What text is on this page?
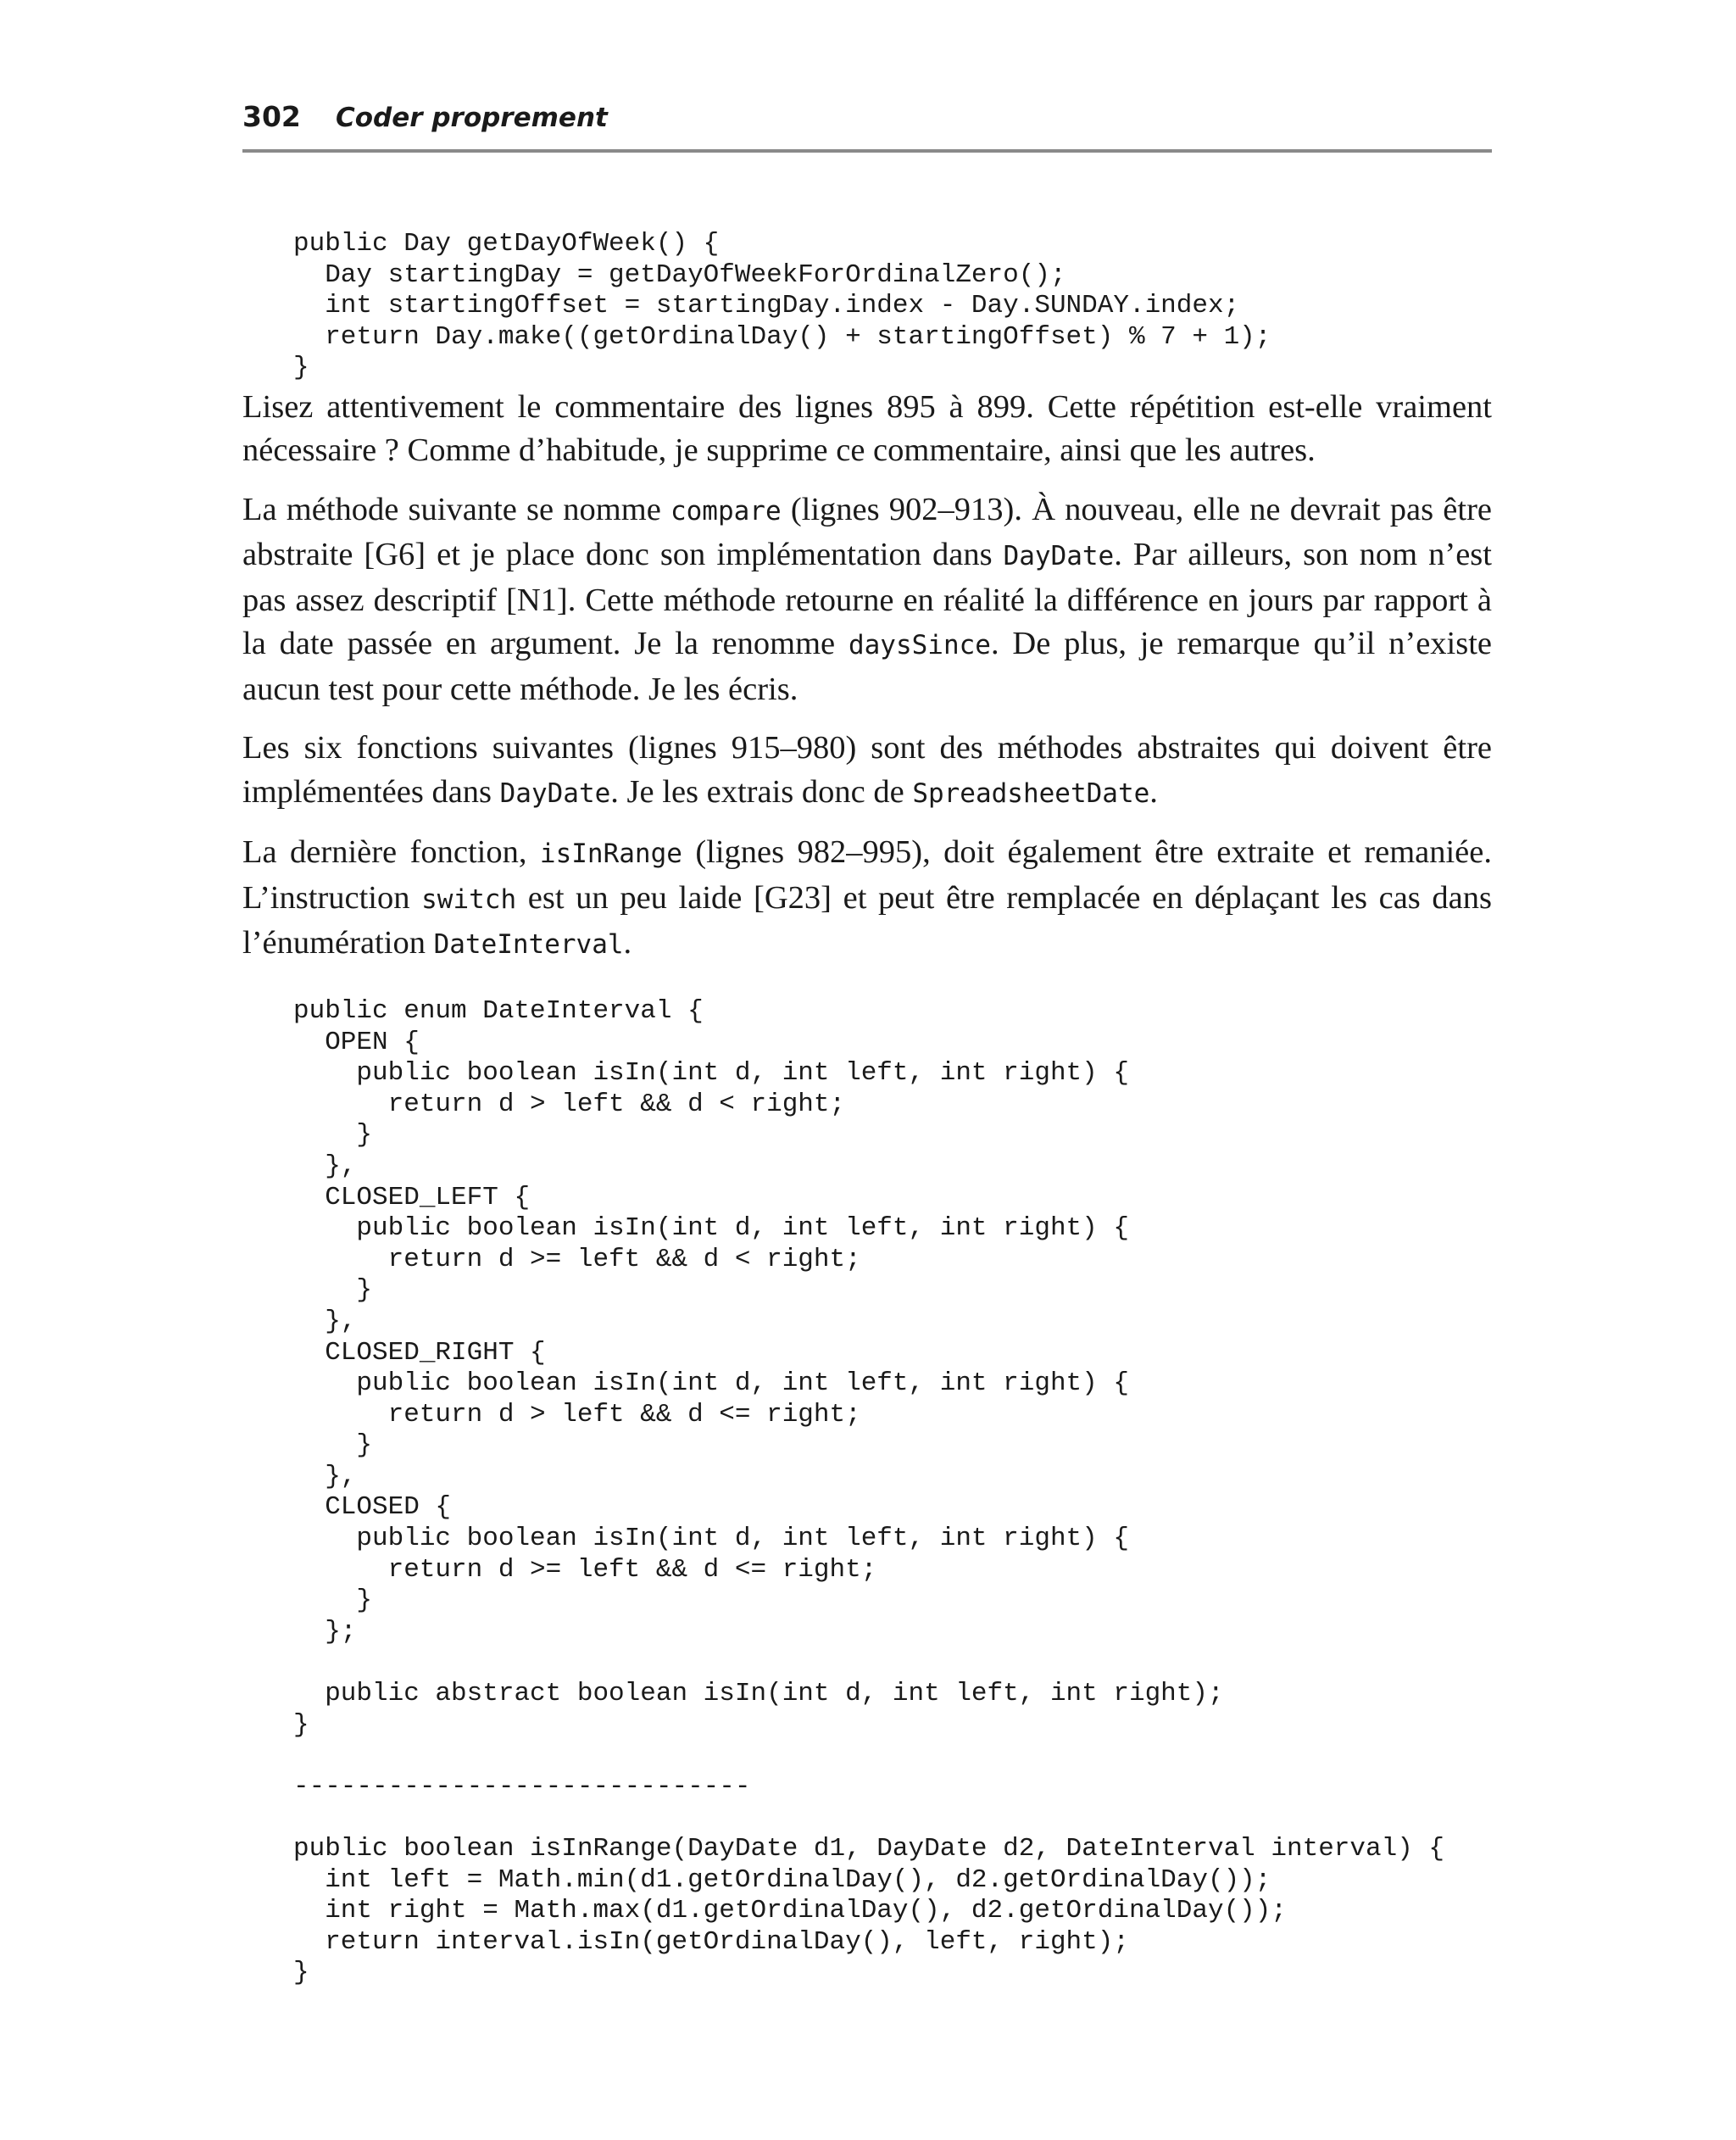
302 Coder proprement
public Day getDayOfWeek() {
Day startingDay = getDayOfWeekForOrdinalZero();
int startingOffset = startingDay.index - Day.SUNDAY.index;
return Day.make((getOrdinalDay() + startingOffset) % 7 + 1);
}

Lisez attentivement le commentaire des lignes 895 à 899. Cette répétition est-elle vraiment nécessaire ? Comme d’habitude, je supprime ce commentaire, ainsi que les autres.

La méthode suivante se nomme compare (lignes 902–913). À nouveau, elle ne devrait pas être abstraite [G6] et je place donc son implémentation dans DayDate. Par ailleurs, son nom n’est pas assez descriptif [N1]. Cette méthode retourne en réalité la différence en jours par rapport à la date passée en argument. Je la renomme daysSince. De plus, je remarque qu’il n’existe aucun test pour cette méthode. Je les écris.

Les six fonctions suivantes (lignes 915–980) sont des méthodes abstraites qui doivent être implémentées dans DayDate. Je les extrais donc de SpreadsheetDate.

La dernière fonction, isInRange (lignes 982–995), doit également être extraite et remaniée. L’instruction switch est un peu laide [G23] et peut être remplacée en déplaçant les cas dans l’énumération DateInterval.

public enum DateInterval {
OPEN {
public boolean isIn(int d, int left, int right) {
return d > left && d < right;
}
},
CLOSED_LEFT {
public boolean isIn(int d, int left, int right) {
return d >= left && d < right;
}
},
CLOSED_RIGHT {
public boolean isIn(int d, int left, int right) {
return d > left && d <= right;
}
},
CLOSED {
public boolean isIn(int d, int left, int right) {
return d >= left && d <= right;
}
};

public abstract boolean isIn(int d, int left, int right);
}

-----------------------------

public boolean isInRange(DayDate d1, DayDate d2, DateInterval interval) {
int left = Math.min(d1.getOrdinalDay(), d2.getOrdinalDay());
int right = Math.max(d1.getOrdinalDay(), d2.getOrdinalDay());
return interval.isIn(getOrdinalDay(), left, right);
}
